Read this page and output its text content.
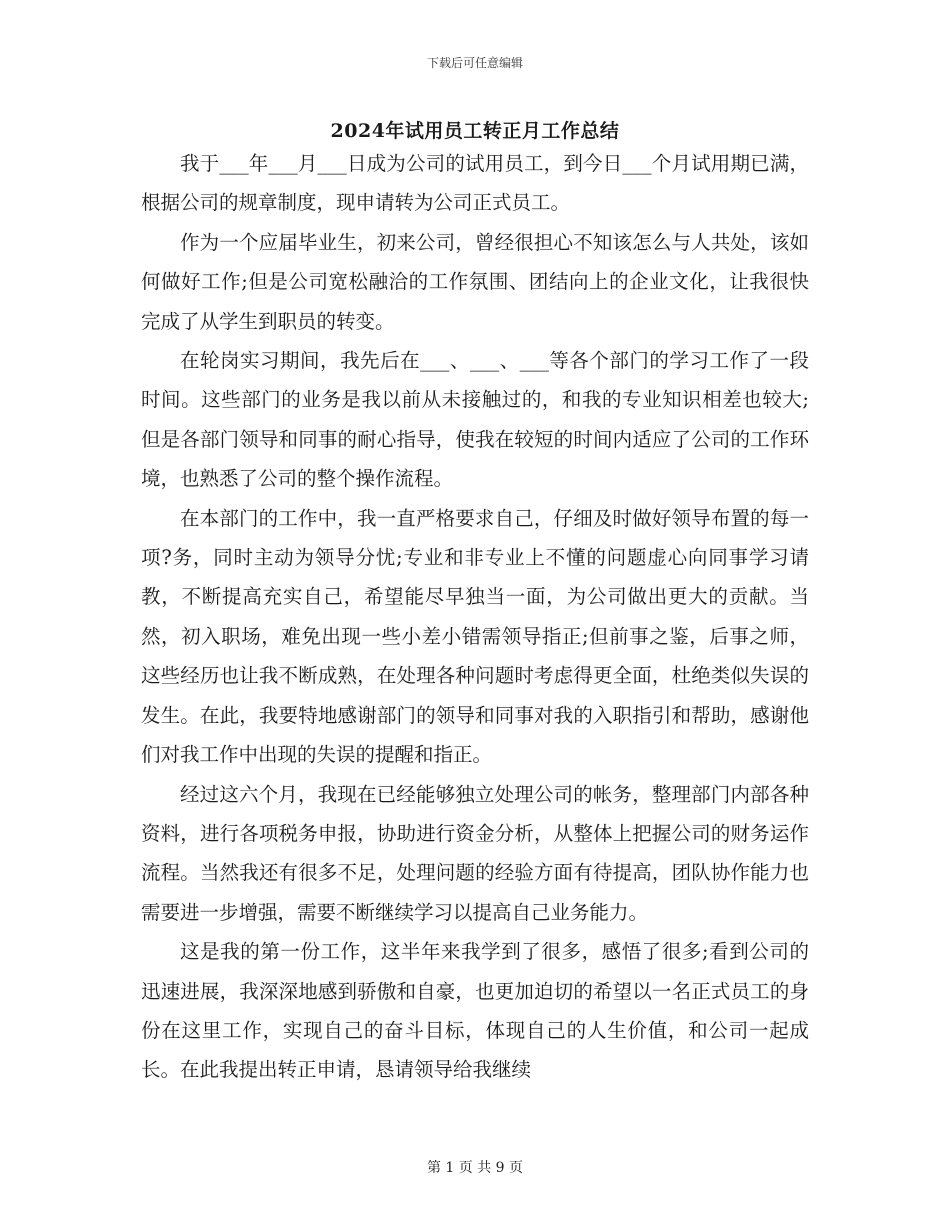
下载后可任意编辑
2024年试用员工转正月工作总结

我于___年___月___日成为公司的试用员工，到今日___个月试用期已满，根据公司的规章制度，现申请转为公司正式员工。

作为一个应届毕业生，初来公司，曾经很担心不知该怎么与人共处，该如何做好工作;但是公司宽松融洽的工作氛围、团结向上的企业文化，让我很快完成了从学生到职员的转变。

在轮岗实习期间，我先后在___、___、___等各个部门的学习工作了一段时间。这些部门的业务是我以前从未接触过的，和我的专业知识相差也较大;但是各部门领导和同事的耐心指导，使我在较短的时间内适应了公司的工作环境，也熟悉了公司的整个操作流程。

在本部门的工作中，我一直严格要求自己，仔细及时做好领导布置的每一项?务，同时主动为领导分忧;专业和非专业上不懂的问题虚心向同事学习请教，不断提高充实自己，希望能尽早独当一面，为公司做出更大的贡献。当然，初入职场，难免出现一些小差小错需领导指正;但前事之鉴，后事之师，这些经历也让我不断成熟，在处理各种问题时考虑得更全面，杜绝类似失误的发生。在此，我要特地感谢部门的领导和同事对我的入职指引和帮助，感谢他们对我工作中出现的失误的提醒和指正。

经过这六个月，我现在已经能够独立处理公司的帐务，整理部门内部各种资料，进行各项税务申报，协助进行资金分析，从整体上把握公司的财务运作流程。当然我还有很多不足，处理问题的经验方面有待提高，团队协作能力也需要进一步增强，需要不断继续学习以提高自己业务能力。

这是我的第一份工作，这半年来我学到了很多，感悟了很多;看到公司的迅速进展，我深深地感到骄傲和自豪，也更加迫切的希望以一名正式员工的身份在这里工作，实现自己的奋斗目标，体现自己的人生价值，和公司一起成长。在此我提出转正申请，恳请领导给我继续

第 1 页 共 9 页
